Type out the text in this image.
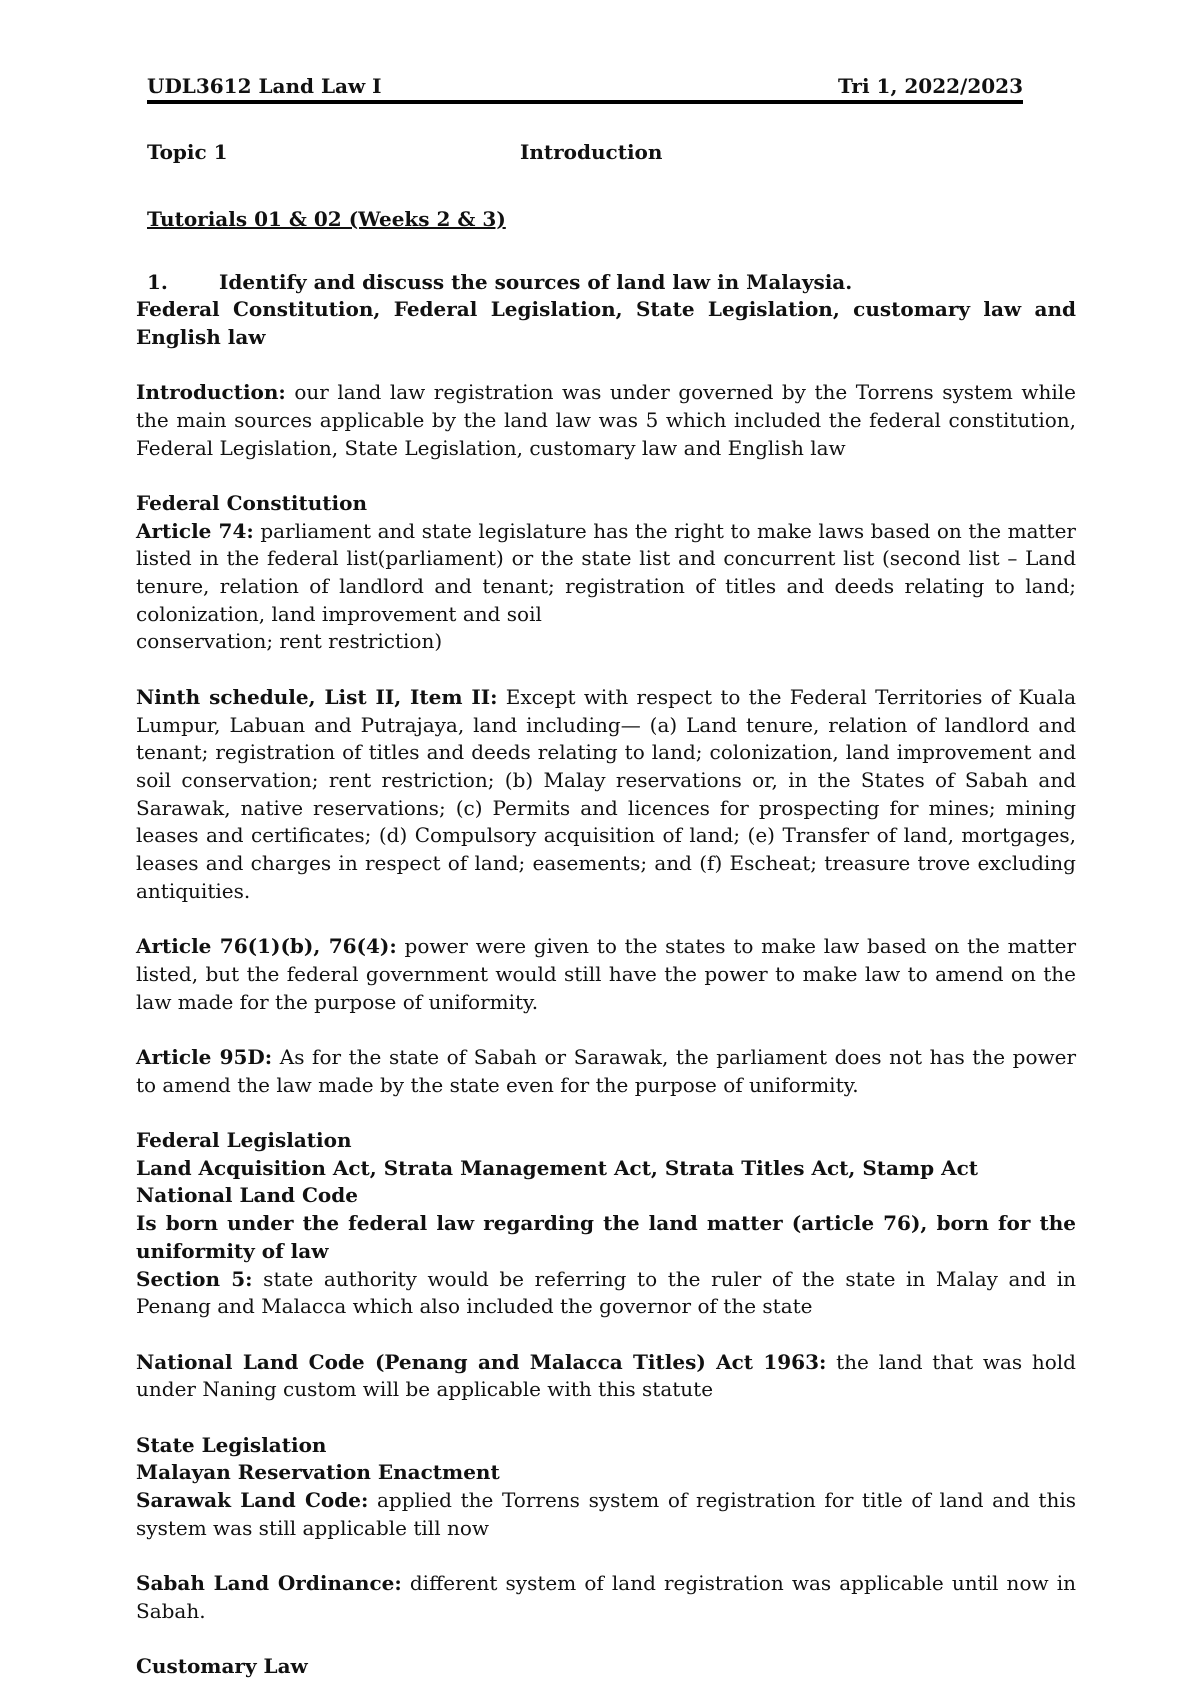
UDL3612 Land Law I	Tri 1, 2022/2023
Topic 1	Introduction
Tutorials 01 & 02 (Weeks 2 & 3)
1.	Identify and discuss the sources of land law in Malaysia.

Federal Constitution, Federal Legislation, State Legislation, customary law and English law

Introduction: our land law registration was under governed by the Torrens system while the main sources applicable by the land law was 5 which included the federal constitution, Federal Legislation, State Legislation, customary law and English law

Federal Constitution

Article 74: parliament and state legislature has the right to make laws based on the matter listed in the federal list(parliament) or the state list and concurrent list (second list – Land tenure, relation of landlord and tenant; registration of titles and deeds relating to land; colonization, land improvement and soil

conservation; rent restriction)

Ninth schedule, List II, Item II: Except with respect to the Federal Territories of Kuala Lumpur, Labuan and Putrajaya, land including— (a) Land tenure, relation of landlord and tenant; registration of titles and deeds relating to land; colonization, land improvement and soil conservation; rent restriction; (b) Malay reservations or, in the States of Sabah and Sarawak, native reservations; (c) Permits and licences for prospecting for mines; mining leases and certificates; (d) Compulsory acquisition of land; (e) Transfer of land, mortgages, leases and charges in respect of land; easements; and (f) Escheat; treasure trove excluding antiquities.

Article 76(1)(b), 76(4): power were given to the states to make law based on the matter listed, but the federal government would still have the power to make law to amend on the law made for the purpose of uniformity.

Article 95D: As for the state of Sabah or Sarawak, the parliament does not has the power to amend the law made by the state even for the purpose of uniformity.

Federal Legislation

Land Acquisition Act, Strata Management Act, Strata Titles Act, Stamp Act

National Land Code

Is born under the federal law regarding the land matter (article 76), born for the uniformity of law

Section 5: state authority would be referring to the ruler of the state in Malay and in Penang and Malacca which also included the governor of the state

National Land Code (Penang and Malacca Titles) Act 1963: the land that was hold under Naning custom will be applicable with this statute

State Legislation

Malayan Reservation Enactment

Sarawak Land Code: applied the Torrens system of registration for title of land and this system was still applicable till now

Sabah Land Ordinance: different system of land registration was applicable until now in Sabah.

Customary Law
